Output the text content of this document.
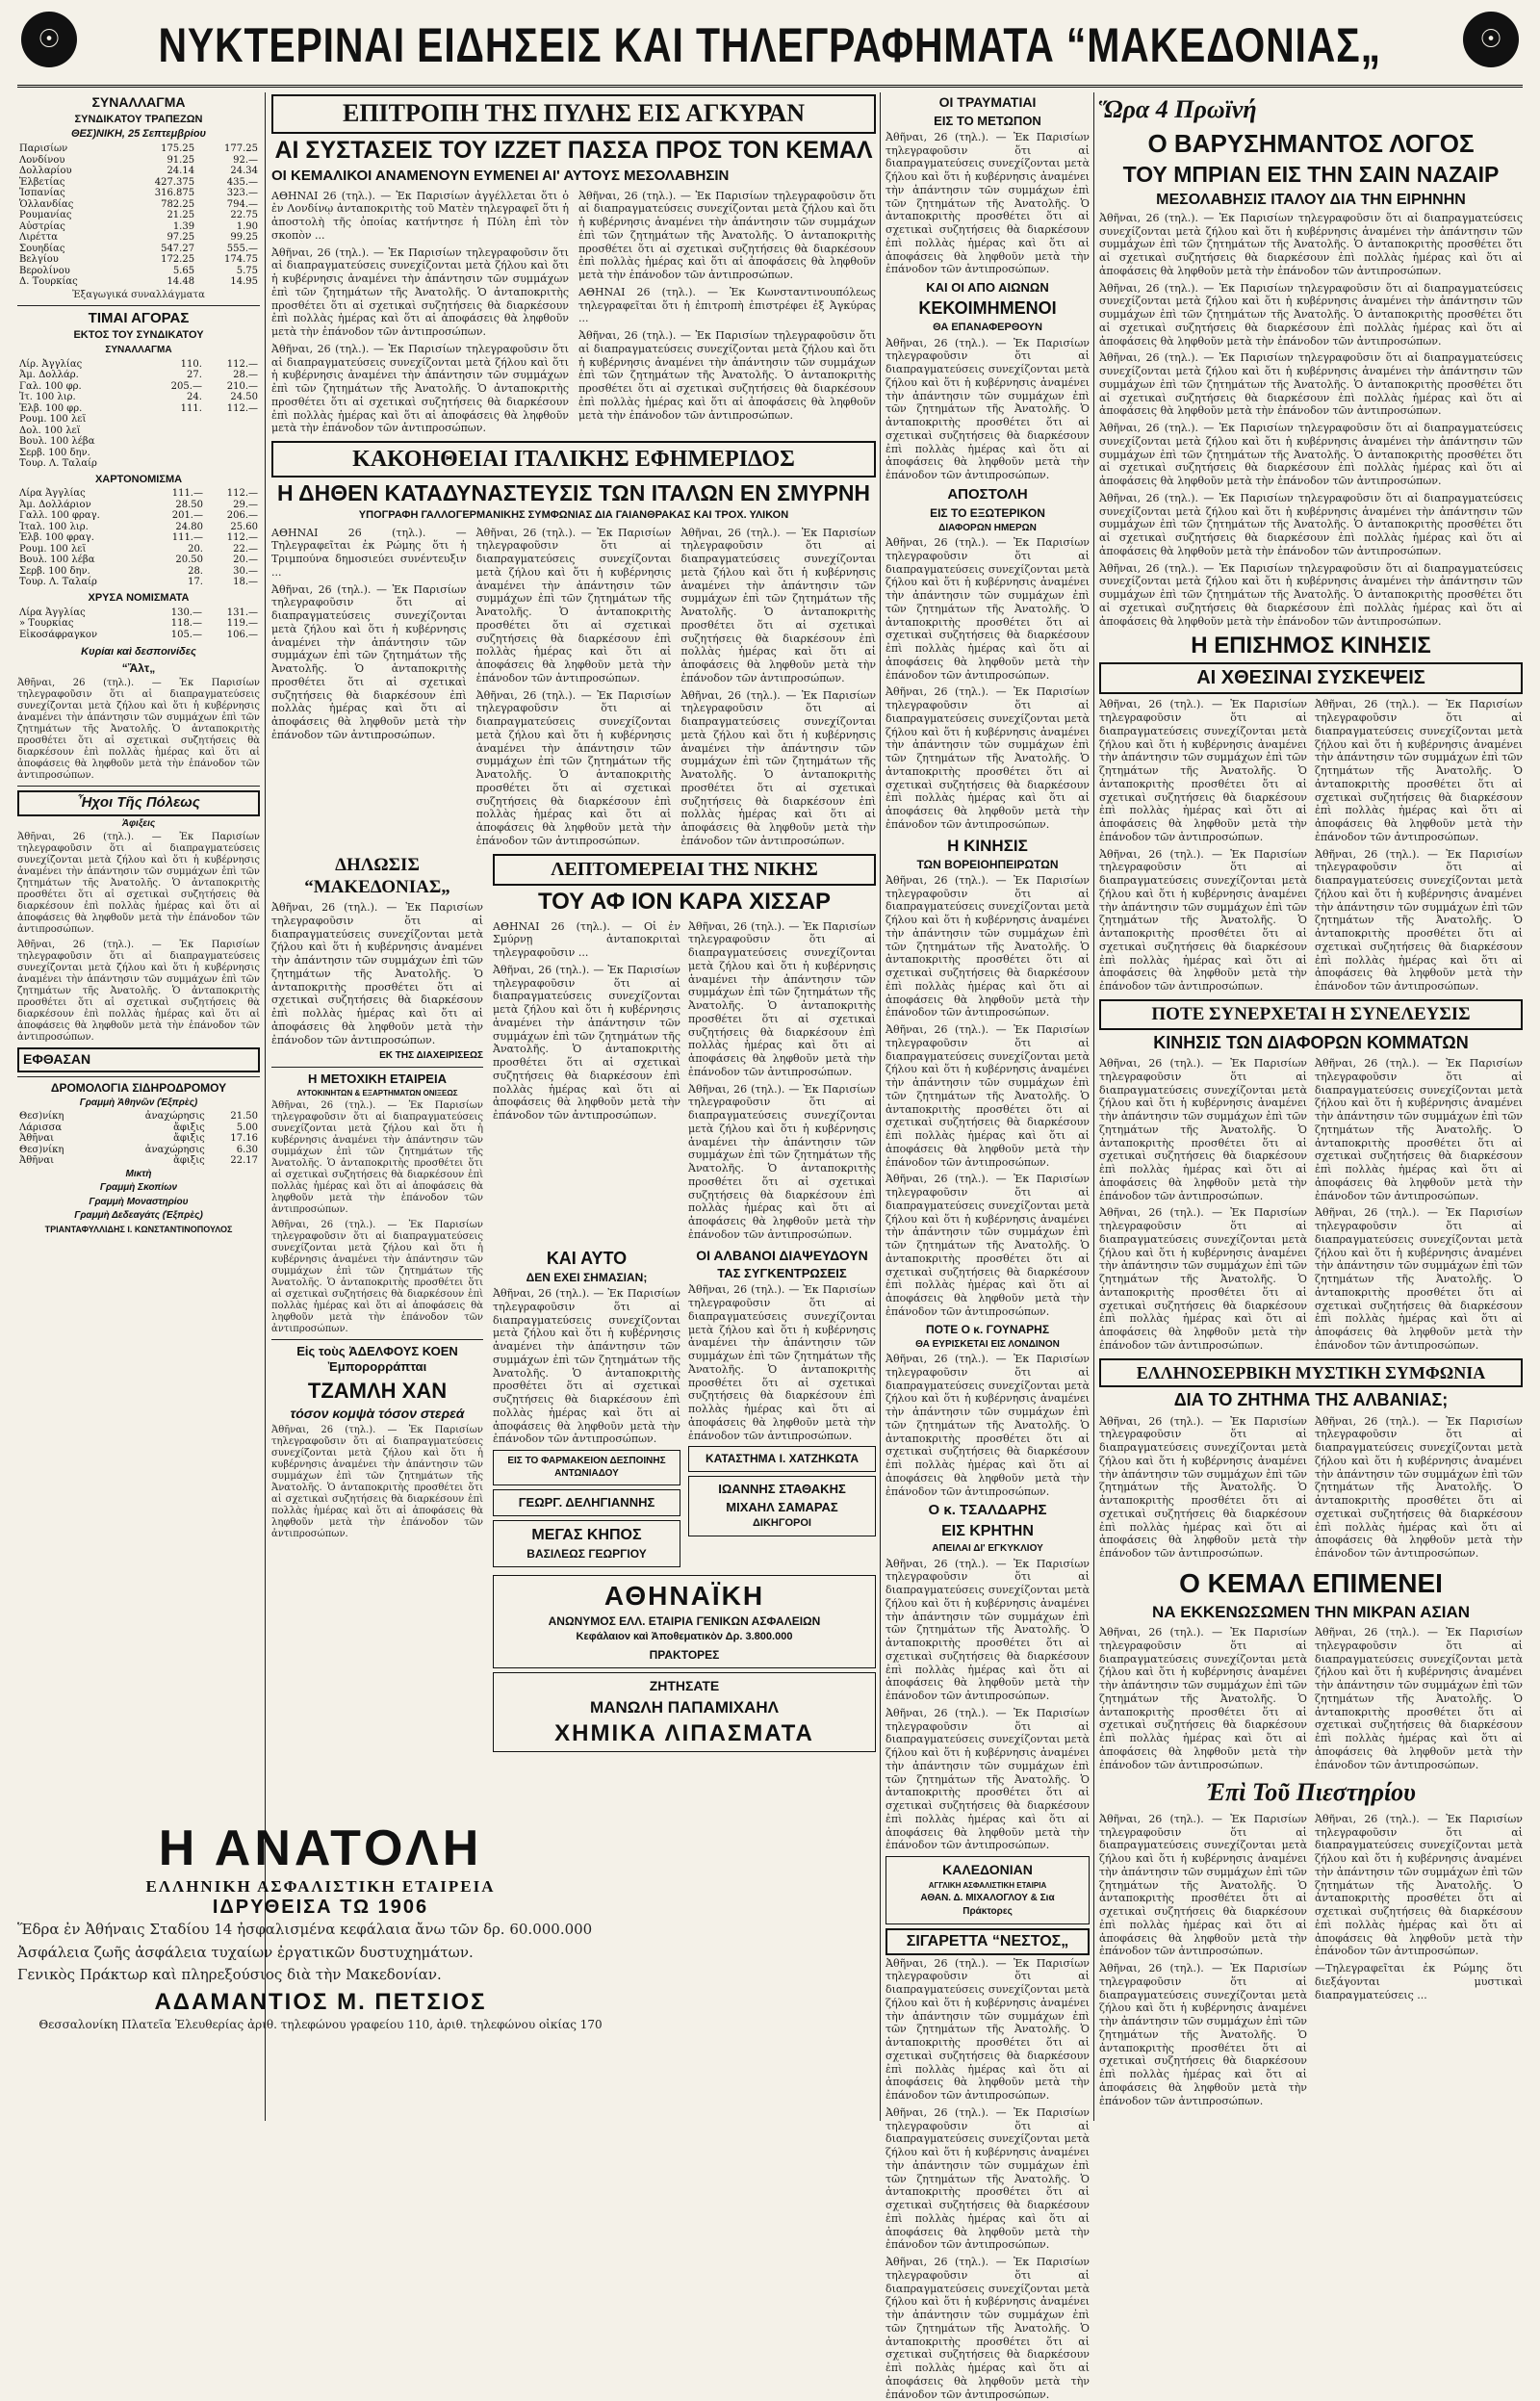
☉	ΝΥΚΤΕΡΙΝΑΙ ΕΙΔΗΣΕΙΣ ΚΑΙ ΤΗΛΕΓΡΑΦΗΜΑΤΑ “ΜΑΚΕΔΟΝΙΑΣ„	☉
ΣΥΝΑΛΛΑΓΜΑ
ΣΥΝΔΙΚΑΤΟΥ ΤΡΑΠΕΖΩΝ
ΘΕΣ)ΝΙΚΗ, 25 Σεπτεμβρίου
Παρισίων	175.25	177.25
Λονδίνου	91.25	92.—
Δολλαρίου	24.14	24.34
Ἑλβετίας	427.375	435.—
Ἰσπανίας	316.875	323.—
Ὁλλανδίας	782.25	794.—
Ρουμανίας	21.25	22.75
Αὐστρίας	1.39	1.90
Λιρέττα	97.25	99.25
Σουηδίας	547.27	555.—
Βελγίου	172.25	174.75
Βερολίνου	5.65	5.75
Δ. Τουρκίας	14.48	14.95
Ἐξαγωγικά συναλλάγματα
ΤΙΜΑΙ ΑΓΟΡΑΣ
ΕΚΤΟΣ ΤΟΥ ΣΥΝΔΙΚΑΤΟΥ
ΣΥΝΑΛΛΑΓΜΑ
Λίρ. Ἀγγλίας	110.	112.—
Ἀμ. Δολλάρ.	27.	28.—
Γαλ. 100 φρ.	205.—	210.—
Ἰτ. 100 λιρ.	24.	24.50
Ἐλβ. 100 φρ.	111.	112.—
Ρουμ. 100 λεϊ		
Δολ. 100 λεϊ		
Βουλ. 100 λέβα		
Σερβ. 100 δην.		
Τουρ. Λ. Ταλαίρ		
ΧΑΡΤΟΝΟΜΙΣΜΑ
Λίρα Ἀγγλίας	111.—	112.—
Ἀμ. Δολλάριον	28.50	29.—
Γαλλ. 100 φραγ.	201.—	206.—
Ἰταλ. 100 λιρ.	24.80	25.60
Ἑλβ. 100 φραγ.	111.—	112.—
Ρουμ. 100 λεϊ	20.	22.—
Βουλ. 100 λέβα	20.50	20.—
Σερβ. 100 δην.	28.	30.—
Τουρ. Λ. Ταλαίρ	17.	18.—
ΧΡΥΣΑ ΝΟΜΙΣΜΑΤΑ
Λίρα Ἀγγλίας	130.—	131.—
» Τουρκίας	118.—	119.—
Εἰκοσάφραγκον	105.—	106.—
Κυρίαι καὶ δεσποινίδες
“Ἄλτ„
Ἀθῆναι, 26 (τηλ.). — Ἐκ Παρισίων τηλεγραφοῦσιν ὅτι αἱ διαπραγματεύσεις συνεχίζονται μετὰ ζήλου καὶ ὅτι ἡ κυβέρνησις ἀναμένει τὴν ἀπάντησιν τῶν συμμάχων ἐπὶ τῶν ζητημάτων τῆς Ἀνατολῆς. Ὁ ἀνταποκριτὴς προσθέτει ὅτι αἱ σχετικαὶ συζητήσεις θὰ διαρκέσουν ἐπὶ πολλὰς ἡμέρας καὶ ὅτι αἱ ἀποφάσεις θὰ ληφθοῦν μετὰ τὴν ἐπάνοδον τῶν ἀντιπροσώπων.
Ἦχοι Τῆς Πόλεως
Ἀφιξεις
Ἀθῆναι, 26 (τηλ.). — Ἐκ Παρισίων τηλεγραφοῦσιν ὅτι αἱ διαπραγματεύσεις συνεχίζονται μετὰ ζήλου καὶ ὅτι ἡ κυβέρνησις ἀναμένει τὴν ἀπάντησιν τῶν συμμάχων ἐπὶ τῶν ζητημάτων τῆς Ἀνατολῆς. Ὁ ἀνταποκριτὴς προσθέτει ὅτι αἱ σχετικαὶ συζητήσεις θὰ διαρκέσουν ἐπὶ πολλὰς ἡμέρας καὶ ὅτι αἱ ἀποφάσεις θὰ ληφθοῦν μετὰ τὴν ἐπάνοδον τῶν ἀντιπροσώπων.
Ἀθῆναι, 26 (τηλ.). — Ἐκ Παρισίων τηλεγραφοῦσιν ὅτι αἱ διαπραγματεύσεις συνεχίζονται μετὰ ζήλου καὶ ὅτι ἡ κυβέρνησις ἀναμένει τὴν ἀπάντησιν τῶν συμμάχων ἐπὶ τῶν ζητημάτων τῆς Ἀνατολῆς. Ὁ ἀνταποκριτὴς προσθέτει ὅτι αἱ σχετικαὶ συζητήσεις θὰ διαρκέσουν ἐπὶ πολλὰς ἡμέρας καὶ ὅτι αἱ ἀποφάσεις θὰ ληφθοῦν μετὰ τὴν ἐπάνοδον τῶν ἀντιπροσώπων.
ΕΦΘΑΣΑΝ
ΔΡΟΜΟΛΟΓΙΑ ΣΙΔΗΡΟΔΡΟΜΟΥ
Γραμμὴ Ἀθηνῶν (Ἐξπρὲς)
Θεσ)νίκη	ἀναχώρησις	21.50
Λάρισσα	ἄφιξις	5.00
Ἀθῆναι	ἄφιξις	17.16
Θεσ)νίκη	ἀναχώρησις	6.30
Ἀθῆναι	ἄφιξις	22.17
Μικτὴ
Γραμμὴ Σκοπίων
Γραμμὴ Μοναστηρίου
Γραμμὴ Δεδεαγάτς (Ἐξπρὲς)
ΤΡΙΑΝΤΑΦΥΛΛΙΔΗΣ Ι. ΚΩΝΣΤΑΝΤΙΝΟΠΟΥΛΟΣ
Η ΑΝΑΤΟΛΗ
ΕΛΛΗΝΙΚΗ ΑΣΦΑΛΙΣΤΙΚΗ ΕΤΑΙΡΕΙΑ
ΙΔΡΥΘΕΙΣΑ ΤΩ 1906
Ἕδρα ἐν Ἀθήναις Σταδίου 14 ἠσφαλισμένα κεφάλαια ἄνω τῶν δρ. 60.000.000
Ἀσφάλεια ζωῆς ἀσφάλεια τυχαίων ἐργατικῶν δυστυχημάτων.
Γενικὸς Πράκτωρ καὶ πληρεξούσιος διὰ τὴν Μακεδονίαν.
ΑΔΑΜΑΝΤΙΟΣ Μ. ΠΕΤΣΙΟΣ
Θεσσαλονίκη Πλατεῖα Ἐλευθερίας ἀριθ. τηλεφώνου γραφείου 110, ἀριθ. τηλεφώνου οἰκίας 170
ΕΠΙΤΡΟΠΗ ΤΗΣ ΠΥΛΗΣ ΕΙΣ ΑΓΚΥΡΑΝ
ΑΙ ΣΥΣΤΑΣΕΙΣ ΤΟΥ ΙΖΖΕΤ ΠΑΣΣΑ ΠΡΟΣ ΤΟΝ ΚΕΜΑΛ
ΟΙ ΚΕΜΑΛΙΚΟΙ ΑΝΑΜΕΝΟΥΝ ΕΥΜΕΝΕΙ ΑΙ' ΑΥΤΟΥΣ ΜΕΣΟΛΑΒΗΣΙΝ
ΑΘΗΝΑΙ 26 (τηλ.). — Ἐκ Παρισίων ἀγγέλλεται ὅτι ὁ ἐν Λονδίνῳ ἀνταποκριτὴς τοῦ Ματὲν τηλεγραφεῖ ὅτι ἡ ἀποστολὴ τῆς ὁποίας κατήντησε ἡ Πύλη ἐπὶ τὸν σκοπὸν ...
Ἀθῆναι, 26 (τηλ.). — Ἐκ Παρισίων τηλεγραφοῦσιν ὅτι αἱ διαπραγματεύσεις συνεχίζονται μετὰ ζήλου καὶ ὅτι ἡ κυβέρνησις ἀναμένει τὴν ἀπάντησιν τῶν συμμάχων ἐπὶ τῶν ζητημάτων τῆς Ἀνατολῆς. Ὁ ἀνταποκριτὴς προσθέτει ὅτι αἱ σχετικαὶ συζητήσεις θὰ διαρκέσουν ἐπὶ πολλὰς ἡμέρας καὶ ὅτι αἱ ἀποφάσεις θὰ ληφθοῦν μετὰ τὴν ἐπάνοδον τῶν ἀντιπροσώπων.
Ἀθῆναι, 26 (τηλ.). — Ἐκ Παρισίων τηλεγραφοῦσιν ὅτι αἱ διαπραγματεύσεις συνεχίζονται μετὰ ζήλου καὶ ὅτι ἡ κυβέρνησις ἀναμένει τὴν ἀπάντησιν τῶν συμμάχων ἐπὶ τῶν ζητημάτων τῆς Ἀνατολῆς. Ὁ ἀνταποκριτὴς προσθέτει ὅτι αἱ σχετικαὶ συζητήσεις θὰ διαρκέσουν ἐπὶ πολλὰς ἡμέρας καὶ ὅτι αἱ ἀποφάσεις θὰ ληφθοῦν μετὰ τὴν ἐπάνοδον τῶν ἀντιπροσώπων.
Ἀθῆναι, 26 (τηλ.). — Ἐκ Παρισίων τηλεγραφοῦσιν ὅτι αἱ διαπραγματεύσεις συνεχίζονται μετὰ ζήλου καὶ ὅτι ἡ κυβέρνησις ἀναμένει τὴν ἀπάντησιν τῶν συμμάχων ἐπὶ τῶν ζητημάτων τῆς Ἀνατολῆς. Ὁ ἀνταποκριτὴς προσθέτει ὅτι αἱ σχετικαὶ συζητήσεις θὰ διαρκέσουν ἐπὶ πολλὰς ἡμέρας καὶ ὅτι αἱ ἀποφάσεις θὰ ληφθοῦν μετὰ τὴν ἐπάνοδον τῶν ἀντιπροσώπων.
ΑΘΗΝΑΙ 26 (τηλ.). — Ἐκ Κωνσταντινουπόλεως τηλεγραφεῖται ὅτι ἡ ἐπιτροπὴ ἐπιστρέφει ἐξ Ἀγκύρας ...
Ἀθῆναι, 26 (τηλ.). — Ἐκ Παρισίων τηλεγραφοῦσιν ὅτι αἱ διαπραγματεύσεις συνεχίζονται μετὰ ζήλου καὶ ὅτι ἡ κυβέρνησις ἀναμένει τὴν ἀπάντησιν τῶν συμμάχων ἐπὶ τῶν ζητημάτων τῆς Ἀνατολῆς. Ὁ ἀνταποκριτὴς προσθέτει ὅτι αἱ σχετικαὶ συζητήσεις θὰ διαρκέσουν ἐπὶ πολλὰς ἡμέρας καὶ ὅτι αἱ ἀποφάσεις θὰ ληφθοῦν μετὰ τὴν ἐπάνοδον τῶν ἀντιπροσώπων.
ΚΑΚΟΗΘΕΙΑΙ ΙΤΑΛΙΚΗΣ ΕΦΗΜΕΡΙΔΟΣ
Η ΔΗΘΕΝ ΚΑΤΑΔΥΝΑΣΤΕΥΣΙΣ ΤΩΝ ΙΤΑΛΩΝ ΕΝ ΣΜΥΡΝΗ
ΥΠΟΓΡΑΦΗ ΓΑΛΛΟΓΕΡΜΑΝΙΚΗΣ ΣΥΜΦΩΝΙΑΣ ΔΙΑ ΓΑΙΑΝΘΡΑΚΑΣ ΚΑΙ ΤΡΟΧ. ΥΛΙΚΟΝ
ΑΘΗΝΑΙ 26 (τηλ.). — Τηλεγραφεῖται ἐκ Ρώμης ὅτι ἡ Τριμπούνα δημοσιεύει συνέντευξιν ...
Ἀθῆναι, 26 (τηλ.). — Ἐκ Παρισίων τηλεγραφοῦσιν ὅτι αἱ διαπραγματεύσεις συνεχίζονται μετὰ ζήλου καὶ ὅτι ἡ κυβέρνησις ἀναμένει τὴν ἀπάντησιν τῶν συμμάχων ἐπὶ τῶν ζητημάτων τῆς Ἀνατολῆς. Ὁ ἀνταποκριτὴς προσθέτει ὅτι αἱ σχετικαὶ συζητήσεις θὰ διαρκέσουν ἐπὶ πολλὰς ἡμέρας καὶ ὅτι αἱ ἀποφάσεις θὰ ληφθοῦν μετὰ τὴν ἐπάνοδον τῶν ἀντιπροσώπων.
Ἀθῆναι, 26 (τηλ.). — Ἐκ Παρισίων τηλεγραφοῦσιν ὅτι αἱ διαπραγματεύσεις συνεχίζονται μετὰ ζήλου καὶ ὅτι ἡ κυβέρνησις ἀναμένει τὴν ἀπάντησιν τῶν συμμάχων ἐπὶ τῶν ζητημάτων τῆς Ἀνατολῆς. Ὁ ἀνταποκριτὴς προσθέτει ὅτι αἱ σχετικαὶ συζητήσεις θὰ διαρκέσουν ἐπὶ πολλὰς ἡμέρας καὶ ὅτι αἱ ἀποφάσεις θὰ ληφθοῦν μετὰ τὴν ἐπάνοδον τῶν ἀντιπροσώπων.
Ἀθῆναι, 26 (τηλ.). — Ἐκ Παρισίων τηλεγραφοῦσιν ὅτι αἱ διαπραγματεύσεις συνεχίζονται μετὰ ζήλου καὶ ὅτι ἡ κυβέρνησις ἀναμένει τὴν ἀπάντησιν τῶν συμμάχων ἐπὶ τῶν ζητημάτων τῆς Ἀνατολῆς. Ὁ ἀνταποκριτὴς προσθέτει ὅτι αἱ σχετικαὶ συζητήσεις θὰ διαρκέσουν ἐπὶ πολλὰς ἡμέρας καὶ ὅτι αἱ ἀποφάσεις θὰ ληφθοῦν μετὰ τὴν ἐπάνοδον τῶν ἀντιπροσώπων.
Ἀθῆναι, 26 (τηλ.). — Ἐκ Παρισίων τηλεγραφοῦσιν ὅτι αἱ διαπραγματεύσεις συνεχίζονται μετὰ ζήλου καὶ ὅτι ἡ κυβέρνησις ἀναμένει τὴν ἀπάντησιν τῶν συμμάχων ἐπὶ τῶν ζητημάτων τῆς Ἀνατολῆς. Ὁ ἀνταποκριτὴς προσθέτει ὅτι αἱ σχετικαὶ συζητήσεις θὰ διαρκέσουν ἐπὶ πολλὰς ἡμέρας καὶ ὅτι αἱ ἀποφάσεις θὰ ληφθοῦν μετὰ τὴν ἐπάνοδον τῶν ἀντιπροσώπων.
Ἀθῆναι, 26 (τηλ.). — Ἐκ Παρισίων τηλεγραφοῦσιν ὅτι αἱ διαπραγματεύσεις συνεχίζονται μετὰ ζήλου καὶ ὅτι ἡ κυβέρνησις ἀναμένει τὴν ἀπάντησιν τῶν συμμάχων ἐπὶ τῶν ζητημάτων τῆς Ἀνατολῆς. Ὁ ἀνταποκριτὴς προσθέτει ὅτι αἱ σχετικαὶ συζητήσεις θὰ διαρκέσουν ἐπὶ πολλὰς ἡμέρας καὶ ὅτι αἱ ἀποφάσεις θὰ ληφθοῦν μετὰ τὴν ἐπάνοδον τῶν ἀντιπροσώπων.
ΔΗΛΩΣΙΣ “ΜΑΚΕΔΟΝΙΑΣ„
Ἀθῆναι, 26 (τηλ.). — Ἐκ Παρισίων τηλεγραφοῦσιν ὅτι αἱ διαπραγματεύσεις συνεχίζονται μετὰ ζήλου καὶ ὅτι ἡ κυβέρνησις ἀναμένει τὴν ἀπάντησιν τῶν συμμάχων ἐπὶ τῶν ζητημάτων τῆς Ἀνατολῆς. Ὁ ἀνταποκριτὴς προσθέτει ὅτι αἱ σχετικαὶ συζητήσεις θὰ διαρκέσουν ἐπὶ πολλὰς ἡμέρας καὶ ὅτι αἱ ἀποφάσεις θὰ ληφθοῦν μετὰ τὴν ἐπάνοδον τῶν ἀντιπροσώπων.
ΕΚ ΤΗΣ ΔΙΑΧΕΙΡΙΣΕΩΣ
Η ΜΕΤΟΧΙΚΗ ΕΤΑΙΡΕΙΑ
ΑΥΤΟΚΙΝΗΤΩΝ & ΕΞΑΡΤΗΜΑΤΩΝ ΟΝΙΞΕΩΣ
Ἀθῆναι, 26 (τηλ.). — Ἐκ Παρισίων τηλεγραφοῦσιν ὅτι αἱ διαπραγματεύσεις συνεχίζονται μετὰ ζήλου καὶ ὅτι ἡ κυβέρνησις ἀναμένει τὴν ἀπάντησιν τῶν συμμάχων ἐπὶ τῶν ζητημάτων τῆς Ἀνατολῆς. Ὁ ἀνταποκριτὴς προσθέτει ὅτι αἱ σχετικαὶ συζητήσεις θὰ διαρκέσουν ἐπὶ πολλὰς ἡμέρας καὶ ὅτι αἱ ἀποφάσεις θὰ ληφθοῦν μετὰ τὴν ἐπάνοδον τῶν ἀντιπροσώπων.
Ἀθῆναι, 26 (τηλ.). — Ἐκ Παρισίων τηλεγραφοῦσιν ὅτι αἱ διαπραγματεύσεις συνεχίζονται μετὰ ζήλου καὶ ὅτι ἡ κυβέρνησις ἀναμένει τὴν ἀπάντησιν τῶν συμμάχων ἐπὶ τῶν ζητημάτων τῆς Ἀνατολῆς. Ὁ ἀνταποκριτὴς προσθέτει ὅτι αἱ σχετικαὶ συζητήσεις θὰ διαρκέσουν ἐπὶ πολλὰς ἡμέρας καὶ ὅτι αἱ ἀποφάσεις θὰ ληφθοῦν μετὰ τὴν ἐπάνοδον τῶν ἀντιπροσώπων.
Εἰς τοὺς ἈΔΕΛΦΟΥΣ ΚΟΕΝ Ἐμπορορράπται
ΤΖΑΜΛΗ ΧΑΝ
τόσον κομψὰ τόσον στερεά
Ἀθῆναι, 26 (τηλ.). — Ἐκ Παρισίων τηλεγραφοῦσιν ὅτι αἱ διαπραγματεύσεις συνεχίζονται μετὰ ζήλου καὶ ὅτι ἡ κυβέρνησις ἀναμένει τὴν ἀπάντησιν τῶν συμμάχων ἐπὶ τῶν ζητημάτων τῆς Ἀνατολῆς. Ὁ ἀνταποκριτὴς προσθέτει ὅτι αἱ σχετικαὶ συζητήσεις θὰ διαρκέσουν ἐπὶ πολλὰς ἡμέρας καὶ ὅτι αἱ ἀποφάσεις θὰ ληφθοῦν μετὰ τὴν ἐπάνοδον τῶν ἀντιπροσώπων.
ΛΕΠΤΟΜΕΡΕΙΑΙ ΤΗΣ ΝΙΚΗΣ
ΤΟΥ ΑΦ ΙΟΝ ΚΑΡΑ ΧΙΣΣΑΡ
ΑΘΗΝΑΙ 26 (τηλ.). — Οἱ ἐν Σμύρνῃ ἀνταποκριταὶ τηλεγραφοῦσιν ...
Ἀθῆναι, 26 (τηλ.). — Ἐκ Παρισίων τηλεγραφοῦσιν ὅτι αἱ διαπραγματεύσεις συνεχίζονται μετὰ ζήλου καὶ ὅτι ἡ κυβέρνησις ἀναμένει τὴν ἀπάντησιν τῶν συμμάχων ἐπὶ τῶν ζητημάτων τῆς Ἀνατολῆς. Ὁ ἀνταποκριτὴς προσθέτει ὅτι αἱ σχετικαὶ συζητήσεις θὰ διαρκέσουν ἐπὶ πολλὰς ἡμέρας καὶ ὅτι αἱ ἀποφάσεις θὰ ληφθοῦν μετὰ τὴν ἐπάνοδον τῶν ἀντιπροσώπων.
Ἀθῆναι, 26 (τηλ.). — Ἐκ Παρισίων τηλεγραφοῦσιν ὅτι αἱ διαπραγματεύσεις συνεχίζονται μετὰ ζήλου καὶ ὅτι ἡ κυβέρνησις ἀναμένει τὴν ἀπάντησιν τῶν συμμάχων ἐπὶ τῶν ζητημάτων τῆς Ἀνατολῆς. Ὁ ἀνταποκριτὴς προσθέτει ὅτι αἱ σχετικαὶ συζητήσεις θὰ διαρκέσουν ἐπὶ πολλὰς ἡμέρας καὶ ὅτι αἱ ἀποφάσεις θὰ ληφθοῦν μετὰ τὴν ἐπάνοδον τῶν ἀντιπροσώπων.
Ἀθῆναι, 26 (τηλ.). — Ἐκ Παρισίων τηλεγραφοῦσιν ὅτι αἱ διαπραγματεύσεις συνεχίζονται μετὰ ζήλου καὶ ὅτι ἡ κυβέρνησις ἀναμένει τὴν ἀπάντησιν τῶν συμμάχων ἐπὶ τῶν ζητημάτων τῆς Ἀνατολῆς. Ὁ ἀνταποκριτὴς προσθέτει ὅτι αἱ σχετικαὶ συζητήσεις θὰ διαρκέσουν ἐπὶ πολλὰς ἡμέρας καὶ ὅτι αἱ ἀποφάσεις θὰ ληφθοῦν μετὰ τὴν ἐπάνοδον τῶν ἀντιπροσώπων.
ΚΑΙ ΑΥΤΟ
ΔΕΝ ΕΧΕΙ ΣΗΜΑΣΙΑΝ;
Ἀθῆναι, 26 (τηλ.). — Ἐκ Παρισίων τηλεγραφοῦσιν ὅτι αἱ διαπραγματεύσεις συνεχίζονται μετὰ ζήλου καὶ ὅτι ἡ κυβέρνησις ἀναμένει τὴν ἀπάντησιν τῶν συμμάχων ἐπὶ τῶν ζητημάτων τῆς Ἀνατολῆς. Ὁ ἀνταποκριτὴς προσθέτει ὅτι αἱ σχετικαὶ συζητήσεις θὰ διαρκέσουν ἐπὶ πολλὰς ἡμέρας καὶ ὅτι αἱ ἀποφάσεις θὰ ληφθοῦν μετὰ τὴν ἐπάνοδον τῶν ἀντιπροσώπων.
ΕΙΣ ΤΟ ΦΑΡΜΑΚΕΙΟΝ ΔΕΣΠΟΙΝΗΣ ΑΝΤΩΝΙΑΔΟΥ
ΓΕΩΡΓ. ΔΕΛΗΓΙΑΝΝΗΣ
ΜΕΓΑΣ ΚΗΠΟΣ
ΒΑΣΙΛΕΩΣ ΓΕΩΡΓΙΟΥ
ΟΙ ΑΛΒΑΝΟΙ ΔΙΑΨΕΥΔΟΥΝ
ΤΑΣ ΣΥΓΚΕΝΤΡΩΣΕΙΣ
Ἀθῆναι, 26 (τηλ.). — Ἐκ Παρισίων τηλεγραφοῦσιν ὅτι αἱ διαπραγματεύσεις συνεχίζονται μετὰ ζήλου καὶ ὅτι ἡ κυβέρνησις ἀναμένει τὴν ἀπάντησιν τῶν συμμάχων ἐπὶ τῶν ζητημάτων τῆς Ἀνατολῆς. Ὁ ἀνταποκριτὴς προσθέτει ὅτι αἱ σχετικαὶ συζητήσεις θὰ διαρκέσουν ἐπὶ πολλὰς ἡμέρας καὶ ὅτι αἱ ἀποφάσεις θὰ ληφθοῦν μετὰ τὴν ἐπάνοδον τῶν ἀντιπροσώπων.
ΚΑΤΑΣΤΗΜΑ Ι. ΧΑΤΖΗΚΩΤΑ
ΙΩΑΝΝΗΣ ΣΤΑΘΑΚΗΣ
ΜΙΧΑΗΛ ΣΑΜΑΡΑΣ
ΔΙΚΗΓΟΡΟΙ
ΑΘΗΝΑΪΚΗ
ΑΝΩΝΥΜΟΣ ΕΛΛ. ΕΤΑΙΡΙΑ ΓΕΝΙΚΩΝ ΑΣΦΑΛΕΙΩΝ
Κεφάλαιον καὶ Ἀποθεματικὸν Δρ. 3.800.000
ΠΡΑΚΤΟΡΕΣ
ΖΗΤΗΣΑΤΕ
ΜΑΝΩΛΗ ΠΑΠΑΜΙΧΑΗΛ
ΧΗΜΙΚΑ ΛΙΠΑΣΜΑΤΑ
ΟΙ ΤΡΑΥΜΑΤΙΑΙ
ΕΙΣ ΤΟ ΜΕΤΩΠΟΝ
Ἀθῆναι, 26 (τηλ.). — Ἐκ Παρισίων τηλεγραφοῦσιν ὅτι αἱ διαπραγματεύσεις συνεχίζονται μετὰ ζήλου καὶ ὅτι ἡ κυβέρνησις ἀναμένει τὴν ἀπάντησιν τῶν συμμάχων ἐπὶ τῶν ζητημάτων τῆς Ἀνατολῆς. Ὁ ἀνταποκριτὴς προσθέτει ὅτι αἱ σχετικαὶ συζητήσεις θὰ διαρκέσουν ἐπὶ πολλὰς ἡμέρας καὶ ὅτι αἱ ἀποφάσεις θὰ ληφθοῦν μετὰ τὴν ἐπάνοδον τῶν ἀντιπροσώπων.
ΚΑΙ ΟΙ ΑΠΟ ΑΙΩΝΩΝ
ΚΕΚΟΙΜΗΜΕΝΟΙ
ΘΑ ΕΠΑΝΑΦΕΡΘΟΥΝ
Ἀθῆναι, 26 (τηλ.). — Ἐκ Παρισίων τηλεγραφοῦσιν ὅτι αἱ διαπραγματεύσεις συνεχίζονται μετὰ ζήλου καὶ ὅτι ἡ κυβέρνησις ἀναμένει τὴν ἀπάντησιν τῶν συμμάχων ἐπὶ τῶν ζητημάτων τῆς Ἀνατολῆς. Ὁ ἀνταποκριτὴς προσθέτει ὅτι αἱ σχετικαὶ συζητήσεις θὰ διαρκέσουν ἐπὶ πολλὰς ἡμέρας καὶ ὅτι αἱ ἀποφάσεις θὰ ληφθοῦν μετὰ τὴν ἐπάνοδον τῶν ἀντιπροσώπων.
ΑΠΟΣΤΟΛΗ
ΕΙΣ ΤΟ ΕΞΩΤΕΡΙΚΟΝ
ΔΙΑΦΟΡΩΝ ΗΜΕΡΩΝ
Ἀθῆναι, 26 (τηλ.). — Ἐκ Παρισίων τηλεγραφοῦσιν ὅτι αἱ διαπραγματεύσεις συνεχίζονται μετὰ ζήλου καὶ ὅτι ἡ κυβέρνησις ἀναμένει τὴν ἀπάντησιν τῶν συμμάχων ἐπὶ τῶν ζητημάτων τῆς Ἀνατολῆς. Ὁ ἀνταποκριτὴς προσθέτει ὅτι αἱ σχετικαὶ συζητήσεις θὰ διαρκέσουν ἐπὶ πολλὰς ἡμέρας καὶ ὅτι αἱ ἀποφάσεις θὰ ληφθοῦν μετὰ τὴν ἐπάνοδον τῶν ἀντιπροσώπων.
Ἀθῆναι, 26 (τηλ.). — Ἐκ Παρισίων τηλεγραφοῦσιν ὅτι αἱ διαπραγματεύσεις συνεχίζονται μετὰ ζήλου καὶ ὅτι ἡ κυβέρνησις ἀναμένει τὴν ἀπάντησιν τῶν συμμάχων ἐπὶ τῶν ζητημάτων τῆς Ἀνατολῆς. Ὁ ἀνταποκριτὴς προσθέτει ὅτι αἱ σχετικαὶ συζητήσεις θὰ διαρκέσουν ἐπὶ πολλὰς ἡμέρας καὶ ὅτι αἱ ἀποφάσεις θὰ ληφθοῦν μετὰ τὴν ἐπάνοδον τῶν ἀντιπροσώπων.
Η ΚΙΝΗΣΙΣ
ΤΩΝ ΒΟΡΕΙΟΗΠΕΙΡΩΤΩΝ
Ἀθῆναι, 26 (τηλ.). — Ἐκ Παρισίων τηλεγραφοῦσιν ὅτι αἱ διαπραγματεύσεις συνεχίζονται μετὰ ζήλου καὶ ὅτι ἡ κυβέρνησις ἀναμένει τὴν ἀπάντησιν τῶν συμμάχων ἐπὶ τῶν ζητημάτων τῆς Ἀνατολῆς. Ὁ ἀνταποκριτὴς προσθέτει ὅτι αἱ σχετικαὶ συζητήσεις θὰ διαρκέσουν ἐπὶ πολλὰς ἡμέρας καὶ ὅτι αἱ ἀποφάσεις θὰ ληφθοῦν μετὰ τὴν ἐπάνοδον τῶν ἀντιπροσώπων.
Ἀθῆναι, 26 (τηλ.). — Ἐκ Παρισίων τηλεγραφοῦσιν ὅτι αἱ διαπραγματεύσεις συνεχίζονται μετὰ ζήλου καὶ ὅτι ἡ κυβέρνησις ἀναμένει τὴν ἀπάντησιν τῶν συμμάχων ἐπὶ τῶν ζητημάτων τῆς Ἀνατολῆς. Ὁ ἀνταποκριτὴς προσθέτει ὅτι αἱ σχετικαὶ συζητήσεις θὰ διαρκέσουν ἐπὶ πολλὰς ἡμέρας καὶ ὅτι αἱ ἀποφάσεις θὰ ληφθοῦν μετὰ τὴν ἐπάνοδον τῶν ἀντιπροσώπων.
Ἀθῆναι, 26 (τηλ.). — Ἐκ Παρισίων τηλεγραφοῦσιν ὅτι αἱ διαπραγματεύσεις συνεχίζονται μετὰ ζήλου καὶ ὅτι ἡ κυβέρνησις ἀναμένει τὴν ἀπάντησιν τῶν συμμάχων ἐπὶ τῶν ζητημάτων τῆς Ἀνατολῆς. Ὁ ἀνταποκριτὴς προσθέτει ὅτι αἱ σχετικαὶ συζητήσεις θὰ διαρκέσουν ἐπὶ πολλὰς ἡμέρας καὶ ὅτι αἱ ἀποφάσεις θὰ ληφθοῦν μετὰ τὴν ἐπάνοδον τῶν ἀντιπροσώπων.
ΠΟΤΕ Ο κ. ΓΟΥΝΑΡΗΣ
ΘΑ ΕΥΡΙΣΚΕΤΑΙ ΕΙΣ ΛΟΝΔΙΝΟΝ
Ἀθῆναι, 26 (τηλ.). — Ἐκ Παρισίων τηλεγραφοῦσιν ὅτι αἱ διαπραγματεύσεις συνεχίζονται μετὰ ζήλου καὶ ὅτι ἡ κυβέρνησις ἀναμένει τὴν ἀπάντησιν τῶν συμμάχων ἐπὶ τῶν ζητημάτων τῆς Ἀνατολῆς. Ὁ ἀνταποκριτὴς προσθέτει ὅτι αἱ σχετικαὶ συζητήσεις θὰ διαρκέσουν ἐπὶ πολλὰς ἡμέρας καὶ ὅτι αἱ ἀποφάσεις θὰ ληφθοῦν μετὰ τὴν ἐπάνοδον τῶν ἀντιπροσώπων.
Ο κ. ΤΣΑΛΔΑΡΗΣ
ΕΙΣ ΚΡΗΤΗΝ
ΑΠΕΙΛΑΙ ΔΙ' ΕΓΚΥΚΛΙΟΥ
Ἀθῆναι, 26 (τηλ.). — Ἐκ Παρισίων τηλεγραφοῦσιν ὅτι αἱ διαπραγματεύσεις συνεχίζονται μετὰ ζήλου καὶ ὅτι ἡ κυβέρνησις ἀναμένει τὴν ἀπάντησιν τῶν συμμάχων ἐπὶ τῶν ζητημάτων τῆς Ἀνατολῆς. Ὁ ἀνταποκριτὴς προσθέτει ὅτι αἱ σχετικαὶ συζητήσεις θὰ διαρκέσουν ἐπὶ πολλὰς ἡμέρας καὶ ὅτι αἱ ἀποφάσεις θὰ ληφθοῦν μετὰ τὴν ἐπάνοδον τῶν ἀντιπροσώπων.
Ἀθῆναι, 26 (τηλ.). — Ἐκ Παρισίων τηλεγραφοῦσιν ὅτι αἱ διαπραγματεύσεις συνεχίζονται μετὰ ζήλου καὶ ὅτι ἡ κυβέρνησις ἀναμένει τὴν ἀπάντησιν τῶν συμμάχων ἐπὶ τῶν ζητημάτων τῆς Ἀνατολῆς. Ὁ ἀνταποκριτὴς προσθέτει ὅτι αἱ σχετικαὶ συζητήσεις θὰ διαρκέσουν ἐπὶ πολλὰς ἡμέρας καὶ ὅτι αἱ ἀποφάσεις θὰ ληφθοῦν μετὰ τὴν ἐπάνοδον τῶν ἀντιπροσώπων.
ΚΑΛΕΔΟΝΙΑΝ
ΑΓΓΛΙΚΗ ΑΣΦΑΛΙΣΤΙΚΗ ΕΤΑΙΡΙΑ
ΑΘΑΝ. Δ. ΜΙΧΑΛΟΓΛΟΥ & Σια
Πράκτορες
ΣΙΓΑΡΕΤΤΑ “ΝΕΣΤΟΣ„
Ἀθῆναι, 26 (τηλ.). — Ἐκ Παρισίων τηλεγραφοῦσιν ὅτι αἱ διαπραγματεύσεις συνεχίζονται μετὰ ζήλου καὶ ὅτι ἡ κυβέρνησις ἀναμένει τὴν ἀπάντησιν τῶν συμμάχων ἐπὶ τῶν ζητημάτων τῆς Ἀνατολῆς. Ὁ ἀνταποκριτὴς προσθέτει ὅτι αἱ σχετικαὶ συζητήσεις θὰ διαρκέσουν ἐπὶ πολλὰς ἡμέρας καὶ ὅτι αἱ ἀποφάσεις θὰ ληφθοῦν μετὰ τὴν ἐπάνοδον τῶν ἀντιπροσώπων.
Ἀθῆναι, 26 (τηλ.). — Ἐκ Παρισίων τηλεγραφοῦσιν ὅτι αἱ διαπραγματεύσεις συνεχίζονται μετὰ ζήλου καὶ ὅτι ἡ κυβέρνησις ἀναμένει τὴν ἀπάντησιν τῶν συμμάχων ἐπὶ τῶν ζητημάτων τῆς Ἀνατολῆς. Ὁ ἀνταποκριτὴς προσθέτει ὅτι αἱ σχετικαὶ συζητήσεις θὰ διαρκέσουν ἐπὶ πολλὰς ἡμέρας καὶ ὅτι αἱ ἀποφάσεις θὰ ληφθοῦν μετὰ τὴν ἐπάνοδον τῶν ἀντιπροσώπων.
Ἀθῆναι, 26 (τηλ.). — Ἐκ Παρισίων τηλεγραφοῦσιν ὅτι αἱ διαπραγματεύσεις συνεχίζονται μετὰ ζήλου καὶ ὅτι ἡ κυβέρνησις ἀναμένει τὴν ἀπάντησιν τῶν συμμάχων ἐπὶ τῶν ζητημάτων τῆς Ἀνατολῆς. Ὁ ἀνταποκριτὴς προσθέτει ὅτι αἱ σχετικαὶ συζητήσεις θὰ διαρκέσουν ἐπὶ πολλὰς ἡμέρας καὶ ὅτι αἱ ἀποφάσεις θὰ ληφθοῦν μετὰ τὴν ἐπάνοδον τῶν ἀντιπροσώπων.
Ὥρα 4 Πρωϊνή
Ο ΒΑΡΥΣΗΜΑΝΤΟΣ ΛΟΓΟΣ
ΤΟΥ ΜΠΡΙΑΝ ΕΙΣ ΤΗΝ ΣΑΙΝ ΝΑΖΑΙΡ
ΜΕΣΟΛΑΒΗΣΙΣ ΙΤΑΛΟΥ ΔΙΑ ΤΗΝ ΕΙΡΗΝΗΝ
Ἀθῆναι, 26 (τηλ.). — Ἐκ Παρισίων τηλεγραφοῦσιν ὅτι αἱ διαπραγματεύσεις συνεχίζονται μετὰ ζήλου καὶ ὅτι ἡ κυβέρνησις ἀναμένει τὴν ἀπάντησιν τῶν συμμάχων ἐπὶ τῶν ζητημάτων τῆς Ἀνατολῆς. Ὁ ἀνταποκριτὴς προσθέτει ὅτι αἱ σχετικαὶ συζητήσεις θὰ διαρκέσουν ἐπὶ πολλὰς ἡμέρας καὶ ὅτι αἱ ἀποφάσεις θὰ ληφθοῦν μετὰ τὴν ἐπάνοδον τῶν ἀντιπροσώπων.
Ἀθῆναι, 26 (τηλ.). — Ἐκ Παρισίων τηλεγραφοῦσιν ὅτι αἱ διαπραγματεύσεις συνεχίζονται μετὰ ζήλου καὶ ὅτι ἡ κυβέρνησις ἀναμένει τὴν ἀπάντησιν τῶν συμμάχων ἐπὶ τῶν ζητημάτων τῆς Ἀνατολῆς. Ὁ ἀνταποκριτὴς προσθέτει ὅτι αἱ σχετικαὶ συζητήσεις θὰ διαρκέσουν ἐπὶ πολλὰς ἡμέρας καὶ ὅτι αἱ ἀποφάσεις θὰ ληφθοῦν μετὰ τὴν ἐπάνοδον τῶν ἀντιπροσώπων.
Ἀθῆναι, 26 (τηλ.). — Ἐκ Παρισίων τηλεγραφοῦσιν ὅτι αἱ διαπραγματεύσεις συνεχίζονται μετὰ ζήλου καὶ ὅτι ἡ κυβέρνησις ἀναμένει τὴν ἀπάντησιν τῶν συμμάχων ἐπὶ τῶν ζητημάτων τῆς Ἀνατολῆς. Ὁ ἀνταποκριτὴς προσθέτει ὅτι αἱ σχετικαὶ συζητήσεις θὰ διαρκέσουν ἐπὶ πολλὰς ἡμέρας καὶ ὅτι αἱ ἀποφάσεις θὰ ληφθοῦν μετὰ τὴν ἐπάνοδον τῶν ἀντιπροσώπων.
Ἀθῆναι, 26 (τηλ.). — Ἐκ Παρισίων τηλεγραφοῦσιν ὅτι αἱ διαπραγματεύσεις συνεχίζονται μετὰ ζήλου καὶ ὅτι ἡ κυβέρνησις ἀναμένει τὴν ἀπάντησιν τῶν συμμάχων ἐπὶ τῶν ζητημάτων τῆς Ἀνατολῆς. Ὁ ἀνταποκριτὴς προσθέτει ὅτι αἱ σχετικαὶ συζητήσεις θὰ διαρκέσουν ἐπὶ πολλὰς ἡμέρας καὶ ὅτι αἱ ἀποφάσεις θὰ ληφθοῦν μετὰ τὴν ἐπάνοδον τῶν ἀντιπροσώπων.
Ἀθῆναι, 26 (τηλ.). — Ἐκ Παρισίων τηλεγραφοῦσιν ὅτι αἱ διαπραγματεύσεις συνεχίζονται μετὰ ζήλου καὶ ὅτι ἡ κυβέρνησις ἀναμένει τὴν ἀπάντησιν τῶν συμμάχων ἐπὶ τῶν ζητημάτων τῆς Ἀνατολῆς. Ὁ ἀνταποκριτὴς προσθέτει ὅτι αἱ σχετικαὶ συζητήσεις θὰ διαρκέσουν ἐπὶ πολλὰς ἡμέρας καὶ ὅτι αἱ ἀποφάσεις θὰ ληφθοῦν μετὰ τὴν ἐπάνοδον τῶν ἀντιπροσώπων.
Ἀθῆναι, 26 (τηλ.). — Ἐκ Παρισίων τηλεγραφοῦσιν ὅτι αἱ διαπραγματεύσεις συνεχίζονται μετὰ ζήλου καὶ ὅτι ἡ κυβέρνησις ἀναμένει τὴν ἀπάντησιν τῶν συμμάχων ἐπὶ τῶν ζητημάτων τῆς Ἀνατολῆς. Ὁ ἀνταποκριτὴς προσθέτει ὅτι αἱ σχετικαὶ συζητήσεις θὰ διαρκέσουν ἐπὶ πολλὰς ἡμέρας καὶ ὅτι αἱ ἀποφάσεις θὰ ληφθοῦν μετὰ τὴν ἐπάνοδον τῶν ἀντιπροσώπων.
Η ΕΠΙΣΗΜΟΣ ΚΙΝΗΣΙΣ
ΑΙ ΧΘΕΣΙΝΑΙ ΣΥΣΚΕΨΕΙΣ
Ἀθῆναι, 26 (τηλ.). — Ἐκ Παρισίων τηλεγραφοῦσιν ὅτι αἱ διαπραγματεύσεις συνεχίζονται μετὰ ζήλου καὶ ὅτι ἡ κυβέρνησις ἀναμένει τὴν ἀπάντησιν τῶν συμμάχων ἐπὶ τῶν ζητημάτων τῆς Ἀνατολῆς. Ὁ ἀνταποκριτὴς προσθέτει ὅτι αἱ σχετικαὶ συζητήσεις θὰ διαρκέσουν ἐπὶ πολλὰς ἡμέρας καὶ ὅτι αἱ ἀποφάσεις θὰ ληφθοῦν μετὰ τὴν ἐπάνοδον τῶν ἀντιπροσώπων.
Ἀθῆναι, 26 (τηλ.). — Ἐκ Παρισίων τηλεγραφοῦσιν ὅτι αἱ διαπραγματεύσεις συνεχίζονται μετὰ ζήλου καὶ ὅτι ἡ κυβέρνησις ἀναμένει τὴν ἀπάντησιν τῶν συμμάχων ἐπὶ τῶν ζητημάτων τῆς Ἀνατολῆς. Ὁ ἀνταποκριτὴς προσθέτει ὅτι αἱ σχετικαὶ συζητήσεις θὰ διαρκέσουν ἐπὶ πολλὰς ἡμέρας καὶ ὅτι αἱ ἀποφάσεις θὰ ληφθοῦν μετὰ τὴν ἐπάνοδον τῶν ἀντιπροσώπων.
Ἀθῆναι, 26 (τηλ.). — Ἐκ Παρισίων τηλεγραφοῦσιν ὅτι αἱ διαπραγματεύσεις συνεχίζονται μετὰ ζήλου καὶ ὅτι ἡ κυβέρνησις ἀναμένει τὴν ἀπάντησιν τῶν συμμάχων ἐπὶ τῶν ζητημάτων τῆς Ἀνατολῆς. Ὁ ἀνταποκριτὴς προσθέτει ὅτι αἱ σχετικαὶ συζητήσεις θὰ διαρκέσουν ἐπὶ πολλὰς ἡμέρας καὶ ὅτι αἱ ἀποφάσεις θὰ ληφθοῦν μετὰ τὴν ἐπάνοδον τῶν ἀντιπροσώπων.
Ἀθῆναι, 26 (τηλ.). — Ἐκ Παρισίων τηλεγραφοῦσιν ὅτι αἱ διαπραγματεύσεις συνεχίζονται μετὰ ζήλου καὶ ὅτι ἡ κυβέρνησις ἀναμένει τὴν ἀπάντησιν τῶν συμμάχων ἐπὶ τῶν ζητημάτων τῆς Ἀνατολῆς. Ὁ ἀνταποκριτὴς προσθέτει ὅτι αἱ σχετικαὶ συζητήσεις θὰ διαρκέσουν ἐπὶ πολλὰς ἡμέρας καὶ ὅτι αἱ ἀποφάσεις θὰ ληφθοῦν μετὰ τὴν ἐπάνοδον τῶν ἀντιπροσώπων.
ΠΟΤΕ ΣΥΝΕΡΧΕΤΑΙ Η ΣΥΝΕΛΕΥΣΙΣ
ΚΙΝΗΣΙΣ ΤΩΝ ΔΙΑΦΟΡΩΝ ΚΟΜΜΑΤΩΝ
Ἀθῆναι, 26 (τηλ.). — Ἐκ Παρισίων τηλεγραφοῦσιν ὅτι αἱ διαπραγματεύσεις συνεχίζονται μετὰ ζήλου καὶ ὅτι ἡ κυβέρνησις ἀναμένει τὴν ἀπάντησιν τῶν συμμάχων ἐπὶ τῶν ζητημάτων τῆς Ἀνατολῆς. Ὁ ἀνταποκριτὴς προσθέτει ὅτι αἱ σχετικαὶ συζητήσεις θὰ διαρκέσουν ἐπὶ πολλὰς ἡμέρας καὶ ὅτι αἱ ἀποφάσεις θὰ ληφθοῦν μετὰ τὴν ἐπάνοδον τῶν ἀντιπροσώπων.
Ἀθῆναι, 26 (τηλ.). — Ἐκ Παρισίων τηλεγραφοῦσιν ὅτι αἱ διαπραγματεύσεις συνεχίζονται μετὰ ζήλου καὶ ὅτι ἡ κυβέρνησις ἀναμένει τὴν ἀπάντησιν τῶν συμμάχων ἐπὶ τῶν ζητημάτων τῆς Ἀνατολῆς. Ὁ ἀνταποκριτὴς προσθέτει ὅτι αἱ σχετικαὶ συζητήσεις θὰ διαρκέσουν ἐπὶ πολλὰς ἡμέρας καὶ ὅτι αἱ ἀποφάσεις θὰ ληφθοῦν μετὰ τὴν ἐπάνοδον τῶν ἀντιπροσώπων.
Ἀθῆναι, 26 (τηλ.). — Ἐκ Παρισίων τηλεγραφοῦσιν ὅτι αἱ διαπραγματεύσεις συνεχίζονται μετὰ ζήλου καὶ ὅτι ἡ κυβέρνησις ἀναμένει τὴν ἀπάντησιν τῶν συμμάχων ἐπὶ τῶν ζητημάτων τῆς Ἀνατολῆς. Ὁ ἀνταποκριτὴς προσθέτει ὅτι αἱ σχετικαὶ συζητήσεις θὰ διαρκέσουν ἐπὶ πολλὰς ἡμέρας καὶ ὅτι αἱ ἀποφάσεις θὰ ληφθοῦν μετὰ τὴν ἐπάνοδον τῶν ἀντιπροσώπων.
Ἀθῆναι, 26 (τηλ.). — Ἐκ Παρισίων τηλεγραφοῦσιν ὅτι αἱ διαπραγματεύσεις συνεχίζονται μετὰ ζήλου καὶ ὅτι ἡ κυβέρνησις ἀναμένει τὴν ἀπάντησιν τῶν συμμάχων ἐπὶ τῶν ζητημάτων τῆς Ἀνατολῆς. Ὁ ἀνταποκριτὴς προσθέτει ὅτι αἱ σχετικαὶ συζητήσεις θὰ διαρκέσουν ἐπὶ πολλὰς ἡμέρας καὶ ὅτι αἱ ἀποφάσεις θὰ ληφθοῦν μετὰ τὴν ἐπάνοδον τῶν ἀντιπροσώπων.
ΕΛΛΗΝΟΣΕΡΒΙΚΗ ΜΥΣΤΙΚΗ ΣΥΜΦΩΝΙΑ
ΔΙΑ ΤΟ ΖΗΤΗΜΑ ΤΗΣ ΑΛΒΑΝΙΑΣ;
Ἀθῆναι, 26 (τηλ.). — Ἐκ Παρισίων τηλεγραφοῦσιν ὅτι αἱ διαπραγματεύσεις συνεχίζονται μετὰ ζήλου καὶ ὅτι ἡ κυβέρνησις ἀναμένει τὴν ἀπάντησιν τῶν συμμάχων ἐπὶ τῶν ζητημάτων τῆς Ἀνατολῆς. Ὁ ἀνταποκριτὴς προσθέτει ὅτι αἱ σχετικαὶ συζητήσεις θὰ διαρκέσουν ἐπὶ πολλὰς ἡμέρας καὶ ὅτι αἱ ἀποφάσεις θὰ ληφθοῦν μετὰ τὴν ἐπάνοδον τῶν ἀντιπροσώπων.
Ἀθῆναι, 26 (τηλ.). — Ἐκ Παρισίων τηλεγραφοῦσιν ὅτι αἱ διαπραγματεύσεις συνεχίζονται μετὰ ζήλου καὶ ὅτι ἡ κυβέρνησις ἀναμένει τὴν ἀπάντησιν τῶν συμμάχων ἐπὶ τῶν ζητημάτων τῆς Ἀνατολῆς. Ὁ ἀνταποκριτὴς προσθέτει ὅτι αἱ σχετικαὶ συζητήσεις θὰ διαρκέσουν ἐπὶ πολλὰς ἡμέρας καὶ ὅτι αἱ ἀποφάσεις θὰ ληφθοῦν μετὰ τὴν ἐπάνοδον τῶν ἀντιπροσώπων.
Ο ΚΕΜΑΛ ΕΠΙΜΕΝΕΙ
ΝΑ ΕΚΚΕΝΩΣΩΜΕΝ ΤΗΝ ΜΙΚΡΑΝ ΑΣΙΑΝ
Ἀθῆναι, 26 (τηλ.). — Ἐκ Παρισίων τηλεγραφοῦσιν ὅτι αἱ διαπραγματεύσεις συνεχίζονται μετὰ ζήλου καὶ ὅτι ἡ κυβέρνησις ἀναμένει τὴν ἀπάντησιν τῶν συμμάχων ἐπὶ τῶν ζητημάτων τῆς Ἀνατολῆς. Ὁ ἀνταποκριτὴς προσθέτει ὅτι αἱ σχετικαὶ συζητήσεις θὰ διαρκέσουν ἐπὶ πολλὰς ἡμέρας καὶ ὅτι αἱ ἀποφάσεις θὰ ληφθοῦν μετὰ τὴν ἐπάνοδον τῶν ἀντιπροσώπων.
Ἀθῆναι, 26 (τηλ.). — Ἐκ Παρισίων τηλεγραφοῦσιν ὅτι αἱ διαπραγματεύσεις συνεχίζονται μετὰ ζήλου καὶ ὅτι ἡ κυβέρνησις ἀναμένει τὴν ἀπάντησιν τῶν συμμάχων ἐπὶ τῶν ζητημάτων τῆς Ἀνατολῆς. Ὁ ἀνταποκριτὴς προσθέτει ὅτι αἱ σχετικαὶ συζητήσεις θὰ διαρκέσουν ἐπὶ πολλὰς ἡμέρας καὶ ὅτι αἱ ἀποφάσεις θὰ ληφθοῦν μετὰ τὴν ἐπάνοδον τῶν ἀντιπροσώπων.
Ἐπὶ Τοῦ Πιεστηρίου
Ἀθῆναι, 26 (τηλ.). — Ἐκ Παρισίων τηλεγραφοῦσιν ὅτι αἱ διαπραγματεύσεις συνεχίζονται μετὰ ζήλου καὶ ὅτι ἡ κυβέρνησις ἀναμένει τὴν ἀπάντησιν τῶν συμμάχων ἐπὶ τῶν ζητημάτων τῆς Ἀνατολῆς. Ὁ ἀνταποκριτὴς προσθέτει ὅτι αἱ σχετικαὶ συζητήσεις θὰ διαρκέσουν ἐπὶ πολλὰς ἡμέρας καὶ ὅτι αἱ ἀποφάσεις θὰ ληφθοῦν μετὰ τὴν ἐπάνοδον τῶν ἀντιπροσώπων.
Ἀθῆναι, 26 (τηλ.). — Ἐκ Παρισίων τηλεγραφοῦσιν ὅτι αἱ διαπραγματεύσεις συνεχίζονται μετὰ ζήλου καὶ ὅτι ἡ κυβέρνησις ἀναμένει τὴν ἀπάντησιν τῶν συμμάχων ἐπὶ τῶν ζητημάτων τῆς Ἀνατολῆς. Ὁ ἀνταποκριτὴς προσθέτει ὅτι αἱ σχετικαὶ συζητήσεις θὰ διαρκέσουν ἐπὶ πολλὰς ἡμέρας καὶ ὅτι αἱ ἀποφάσεις θὰ ληφθοῦν μετὰ τὴν ἐπάνοδον τῶν ἀντιπροσώπων.
Ἀθῆναι, 26 (τηλ.). — Ἐκ Παρισίων τηλεγραφοῦσιν ὅτι αἱ διαπραγματεύσεις συνεχίζονται μετὰ ζήλου καὶ ὅτι ἡ κυβέρνησις ἀναμένει τὴν ἀπάντησιν τῶν συμμάχων ἐπὶ τῶν ζητημάτων τῆς Ἀνατολῆς. Ὁ ἀνταποκριτὴς προσθέτει ὅτι αἱ σχετικαὶ συζητήσεις θὰ διαρκέσουν ἐπὶ πολλὰς ἡμέρας καὶ ὅτι αἱ ἀποφάσεις θὰ ληφθοῦν μετὰ τὴν ἐπάνοδον τῶν ἀντιπροσώπων.
—Τηλεγραφεῖται ἐκ Ρώμης ὅτι διεξάγονται μυστικαὶ διαπραγματεύσεις ...
